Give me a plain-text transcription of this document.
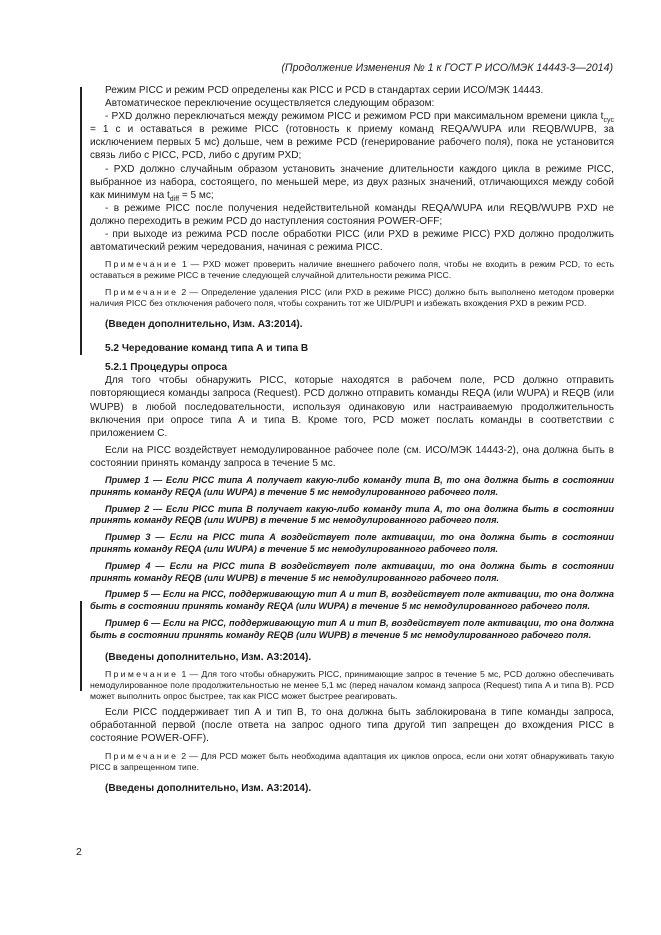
(Продолжение Изменения № 1 к ГОСТ Р ИСО/МЭК 14443-3—2014)

Режим PICC и режим PCD определены как PICC и PCD в стандартах серии ИСО/МЭК 14443.

Автоматическое переключение осуществляется следующим образом:

- PXD должно переключаться между режимом PICC и режимом PCD при максимальном времени цикла $t_{cyc} = 1$ с и оставаться в режиме PICC (готовность к приему команд REQA/WUPA или REQB/WUPB, за исключением первых 5 мс) дольше, чем в режиме PCD (генерирование рабочего поля), пока не установится связь либо с PICC, PCD, либо с другим PXD;

- PXD должно случайным образом установить значение длительности каждого цикла в режиме PICC, выбранное из набора, состоящего, по меньшей мере, из двух разных значений, отличающихся между собой как минимум на $t_{diff} = 5$ мс;

- в режиме PICC после получения недействительной команды REQA/WUPA или REQB/WUPB PXD не должно переходить в режим PCD до наступления состояния POWER-OFF;

- при выходе из режима PCD после обработки PICC (или PXD в режиме PICC) PXD должно продолжить автоматический режим чередования, начиная с режима PICC.

Примечание 1 — PXD может проверить наличие внешнего рабочего поля, чтобы не входить в режим PCD, то есть оставаться в режиме PICC в течение следующей случайной длительности режима PICC.

Примечание 2 — Определение удаления PICC (или PXD в режиме PICC) должно быть выполнено методом проверки наличия PICC без отключения рабочего поля, чтобы сохранить тот же UID/PUPI и избежать вхождения PXD в режим PCD.

(Введен дополнительно, Изм. А3:2014).

5.2 Чередование команд типа А и типа В

5.2.1 Процедуры опроса

Для того чтобы обнаружить PICC, которые находятся в рабочем поле, PCD должно отправить повторяющиеся команды запроса (Request). PCD должно отправить команды REQA (или WUPA) и REQB (или WUPB) в любой последовательности, используя одинаковую или настраиваемую продолжительность включения при опросе типа А и типа В. Кроме того, PCD может послать команды в соответствии с приложением С.

Если на PICC воздействует немодулированное рабочее поле (см. ИСО/МЭК 14443-2), она должна быть в состоянии принять команду запроса в течение 5 мс.

Пример 1 — Если PICC типа А получает какую-либо команду типа В, то она должна быть в состоянии принять команду REQA (или WUPA) в течение 5 мс немодулированного рабочего поля.

Пример 2 — Если PICC типа В получает какую-либо команду типа А, то она должна быть в состоянии принять команду REQB (или WUPB) в течение 5 мс немодулированного рабочего поля.

Пример 3 — Если на PICC типа А воздействует поле активации, то она должна быть в состоянии принять команду REQA (или WUPA) в течение 5 мс немодулированного рабочего поля.

Пример 4 — Если на PICC типа В воздействует поле активации, то она должна быть в состоянии принять команду REQB (или WUPB) в течение 5 мс немодулированного рабочего поля.

Пример 5 — Если на PICC, поддерживающую тип А и тип В, воздействует поле активации, то она должна быть в состоянии принять команду REQA (или WUPA) в течение 5 мс немодулированного рабочего поля.

Пример 6 — Если на PICC, поддерживающую тип А и тип В, воздействует поле активации, то она должна быть в состоянии принять команду REQB (или WUPB) в течение 5 мс немодулированного рабочего поля.

(Введены дополнительно, Изм. А3:2014).

Примечание 1 — Для того чтобы обнаружить PICC, принимающие запрос в течение 5 мс, PCD должно обеспечивать немодулированное поле продолжительностью не менее 5,1 мс (перед началом команд запроса (Request) типа А и типа В). PCD может выполнить опрос быстрее, так как PICC может быстрее реагировать.

Если PICC поддерживает тип А и тип В, то она должна быть заблокирована в типе команды запроса, обработанной первой (после ответа на запрос одного типа другой тип запрещен до вхождения PICC в состояние POWER-OFF).

Примечание 2 — Для PCD может быть необходима адаптация их циклов опроса, если они хотят обнаруживать такую PICC в запрещенном типе.

(Введены дополнительно, Изм. А3:2014).

2
